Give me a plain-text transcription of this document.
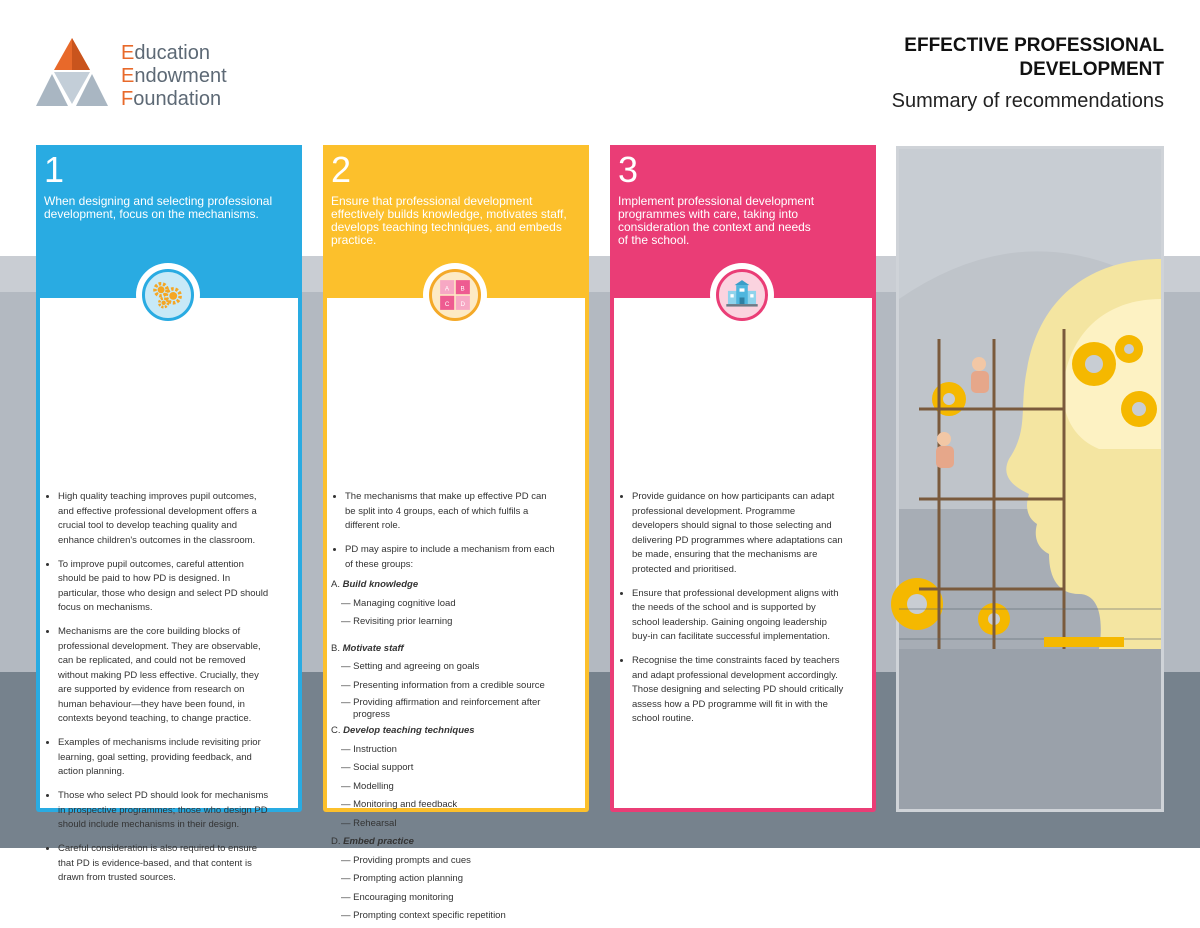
Education
Endowment
Foundation
EFFECTIVE PROFESSIONAL
DEVELOPMENT
Summary of recommendations
1
When designing and selecting professional development, focus on the mechanisms.
• High quality teaching improves pupil outcomes, and effective professional development offers a crucial tool to develop teaching quality and enhance children's outcomes in the classroom.
• To improve pupil outcomes, careful attention should be paid to how PD is designed. In particular, those who design and select PD should focus on mechanisms.
• Mechanisms are the core building blocks of professional development. They are observable, can be replicated, and could not be removed without making PD less effective. Crucially, they are supported by evidence from research on human behaviour—they have been found, in contexts beyond teaching, to change practice.
• Examples of mechanisms include revisiting prior learning, goal setting, providing feedback, and action planning.
• Those who select PD should look for mechanisms in prospective programmes; those who design PD should include mechanisms in their design.
• Careful consideration is also required to ensure that PD is evidence-based, and that content is drawn from trusted sources.
2
Ensure that professional development effectively builds knowledge, motivates staff, develops teaching techniques, and embeds practice.
• The mechanisms that make up effective PD can be split into 4 groups, each of which fulfils a different role.
• PD may aspire to include a mechanism from each of these groups:
A. Build knowledge
— Managing cognitive load
— Revisiting prior learning
B. Motivate staff
— Setting and agreeing on goals
— Presenting information from a credible source
— Providing affirmation and reinforcement after progress
C. Develop teaching techniques
— Instruction
— Social support
— Modelling
— Monitoring and feedback
— Rehearsal
D. Embed practice
— Providing prompts and cues
— Prompting action planning
— Encouraging monitoring
— Prompting context specific repetition
A B
C D
3
Implement professional development programmes with care, taking into consideration the context and needs of the school.
• Provide guidance on how participants can adapt professional development. Programme developers should signal to those selecting and delivering PD programmes where adaptations can be made, ensuring that the mechanisms are protected and prioritised.
• Ensure that professional development aligns with the needs of the school and is supported by school leadership. Gaining ongoing leadership buy-in can facilitate successful implementation.
• Recognise the time constraints faced by teachers and adapt professional development accordingly. Those designing and selecting PD should critically assess how a PD programme will fit in with the school routine.
